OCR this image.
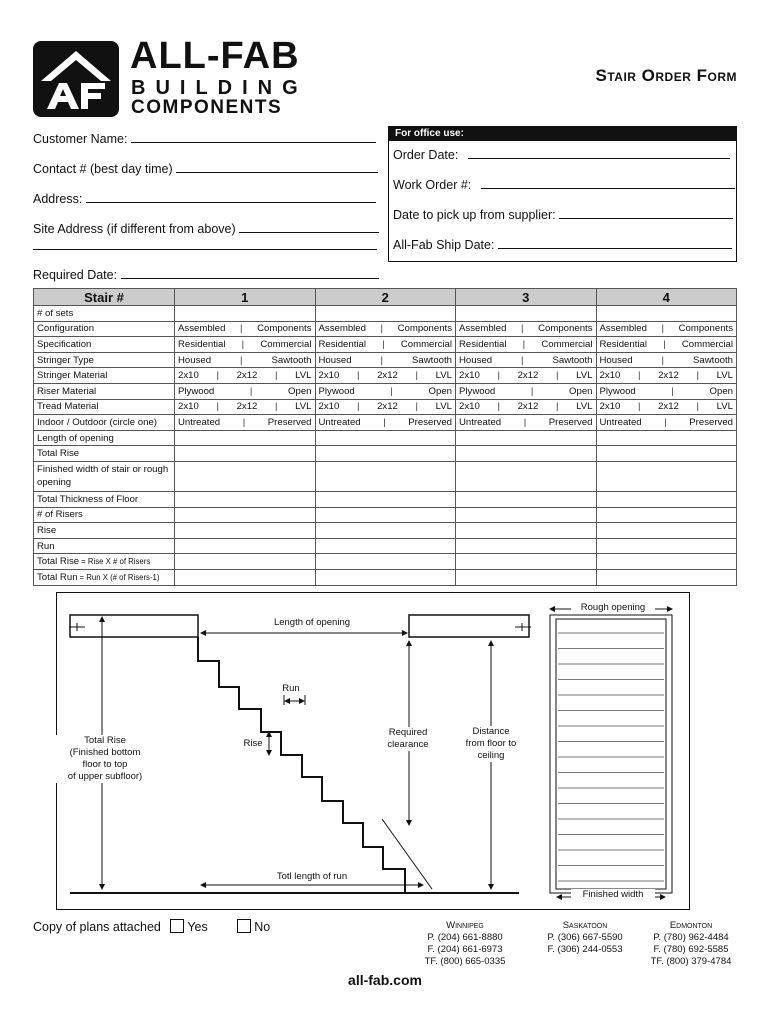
ALL-FAB
BUILDING
COMPONENTS
Stair Order Form
Customer Name:
Contact # (best day time)
Address:
Site Address (if different from above)
Required Date:
For office use:
Order Date:
Work Order #:
Date to pick up from supplier:
All-Fab Ship Date:
Stair #	1	2	3	4
# of sets				
Configuration	Assembled | Components	Assembled | Components	Assembled | Components	Assembled | Components

Specification	Residential | Commercial	Residential | Commercial	Residential | Commercial	Residential | Commercial

Stringer Type	Housed | Sawtooth	Housed | Sawtooth	Housed | Sawtooth	Housed | Sawtooth

Stringer Material	2x10 | 2x12 | LVL	2x10 | 2x12 | LVL	2x10 | 2x12 | LVL	2x10 | 2x12 | LVL

Riser Material	Plywood | Open	Plywood | Open	Plywood | Open	Plywood | Open

Tread Material	2x10 | 2x12 | LVL	2x10 | 2x12 | LVL	2x10 | 2x12 | LVL	2x10 | 2x12 | LVL

Indoor / Outdoor (circle one)	Untreated | Preserved	Untreated | Preserved	Untreated | Preserved	Untreated | Preserved

Length of opening				
Total Rise				
Finished width of stair or rough opening				
Total Thickness of Floor				
# of Risers				
Rise				
Run				
Total Rise = Rise X # of Risers				
Total Run = Run X (# of Risers-1)				
Length of opening
Run
Rise
Total Rise
(Finished bottom
floor to top
of upper subfloor)
Required
clearance
Distance
from floor to
ceiling
Totl length of run
Rough opening
Finished width
Copy of plans attached Yes	No	Winnipeg
P. (204) 661-8880
F. (204) 661-6973
TF. (800) 665-0335
Saskatoon
P. (306) 667-5590
F. (306) 244-0553
Edmonton
P. (780) 962-4484
F. (780) 692-5585
TF. (800) 379-4784
all-fab.com
